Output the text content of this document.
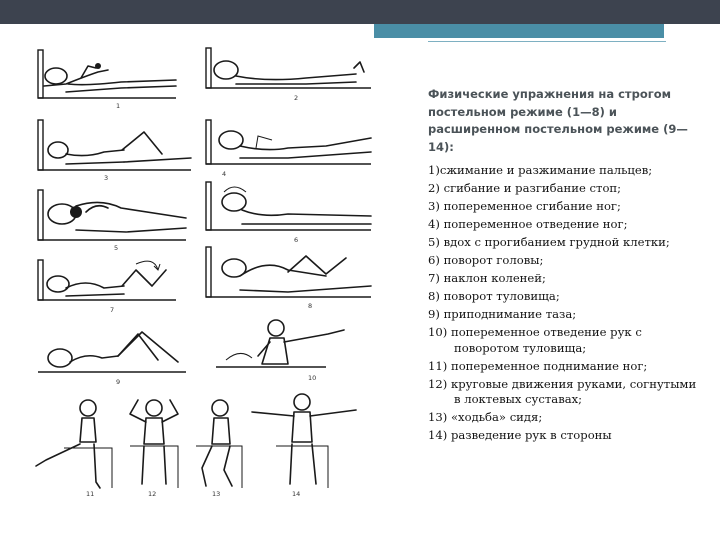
1
2
3	4
5
6
7	8
9	10
11	12	13	14
Физические упражнения на строгом постельном режиме (1—8) и расширенном постельном режиме (9—14):
1)сжимание и разжимание пальцев;
2) сгибание и разгибание стоп;
3) попеременное сгибание ног;
4) попеременное отведение ног;
5) вдох с прогибанием грудной клетки;
6) поворот головы;
7) наклон коленей;
8) поворот туловища;
9) приподнимание таза;
10) попеременное отведение рук с поворотом туловища;
11) попеременное поднимание ног;
12) круговые движения руками, согнутыми в локтевых суставах;
13) «ходьба» сидя;
14) разведение рук в стороны
